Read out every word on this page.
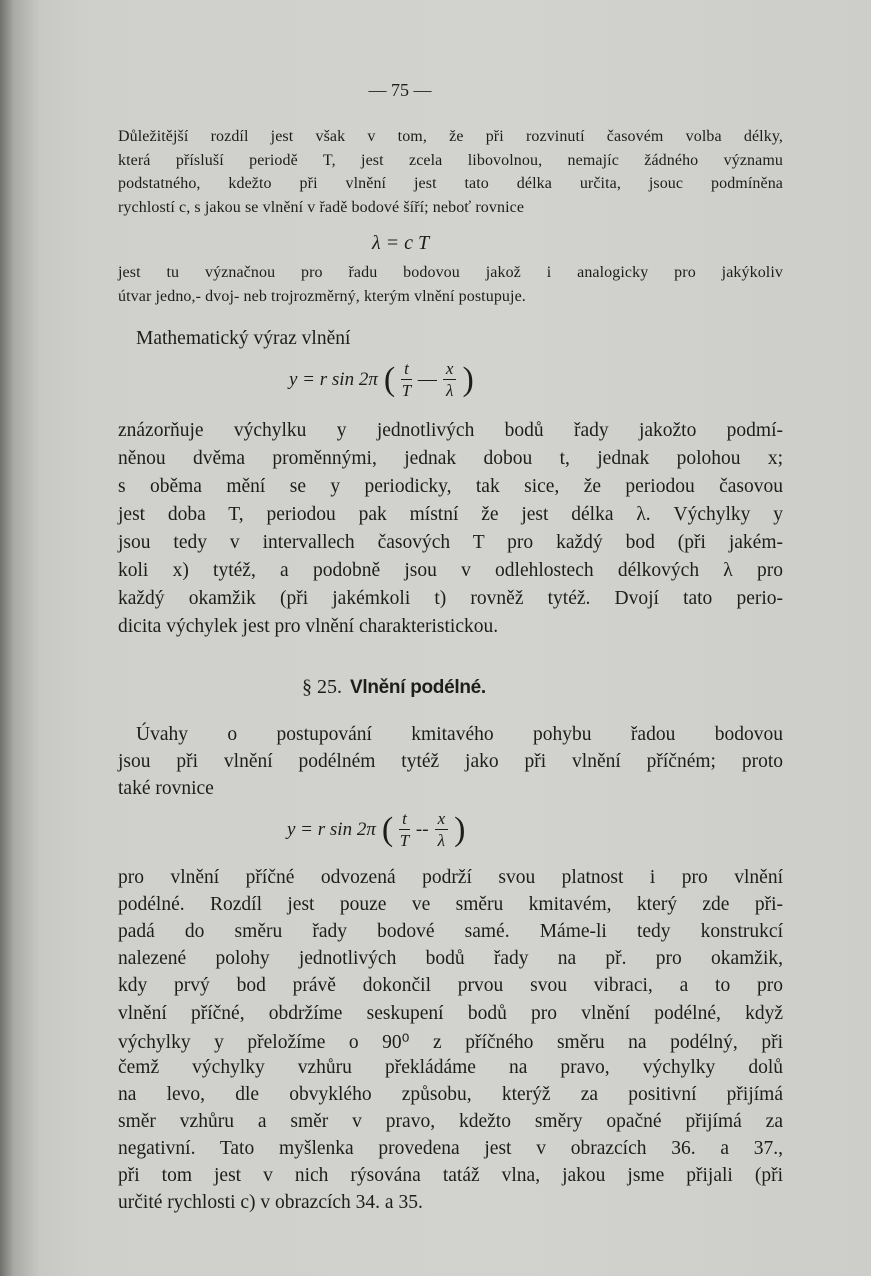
— 75 —
λ = c T
y = r sin 2π ( $\frac{t}{T}$ — $\frac{x}{\lambda}$ )
§ 25. Vlnění podélné.
y = r sin 2π ( $\frac{t}{T} -- \frac{x}{\lambda}$ )
Důležitější rozdíl jest však v tom, že při rozvinutí časovém volba délky,
která přísluší periodě T, jest zcela libovolnou, nemajíc žádného významu
podstatného, kdežto při vlnění jest tato délka určita, jsouc podmíněna
rychlostí c, s jakou se vlnění v řadě bodové šíří; neboť rovnice
jest tu význačnou pro řadu bodovou jakož i analogicky pro jakýkoliv
útvar jedno,- dvoj- neb trojrozměrný, kterým vlnění postupuje.
Mathematický výraz vlnění
znázorňuje výchylku y jednotlivých bodů řady jakožto podmí-
něnou dvěma proměnnými, jednak dobou t, jednak polohou x;
s oběma mění se y periodicky, tak sice, že periodou časovou
jest doba T, periodou pak místní že jest délka λ. Výchylky y
jsou tedy v intervallech časových T pro každý bod (při jakém-
koli x) tytéž, a podobně jsou v odlehlostech délkových λ pro
každý okamžik (při jakémkoli t) rovněž tytéž. Dvojí tato perio-
dicita výchylek jest pro vlnění charakteristickou.
Úvahy o postupování kmitavého pohybu řadou bodovou
jsou při vlnění podélném tytéž jako při vlnění příčném; proto
také rovnice
pro vlnění příčné odvozená podrží svou platnost i pro vlnění
podélné. Rozdíl jest pouze ve směru kmitavém, který zde při-
padá do směru řady bodové samé. Máme-li tedy konstrukcí
nalezené polohy jednotlivých bodů řady na př. pro okamžik,
kdy prvý bod právě dokončil prvou svou vibraci, a to pro
vlnění příčné, obdržíme seskupení bodů pro vlnění podélné, když
výchylky y přeložíme o 90⁰ z příčného směru na podélný, při
čemž výchylky vzhůru překládáme na pravo, výchylky dolů
na levo, dle obvyklého způsobu, kterýž za positivní přijímá
směr vzhůru a směr v pravo, kdežto směry opačné přijímá za
negativní. Tato myšlenka provedena jest v obrazcích 36. a 37.,
při tom jest v nich rýsována tatáž vlna, jakou jsme přijali (při
určité rychlosti c) v obrazcích 34. a 35.
